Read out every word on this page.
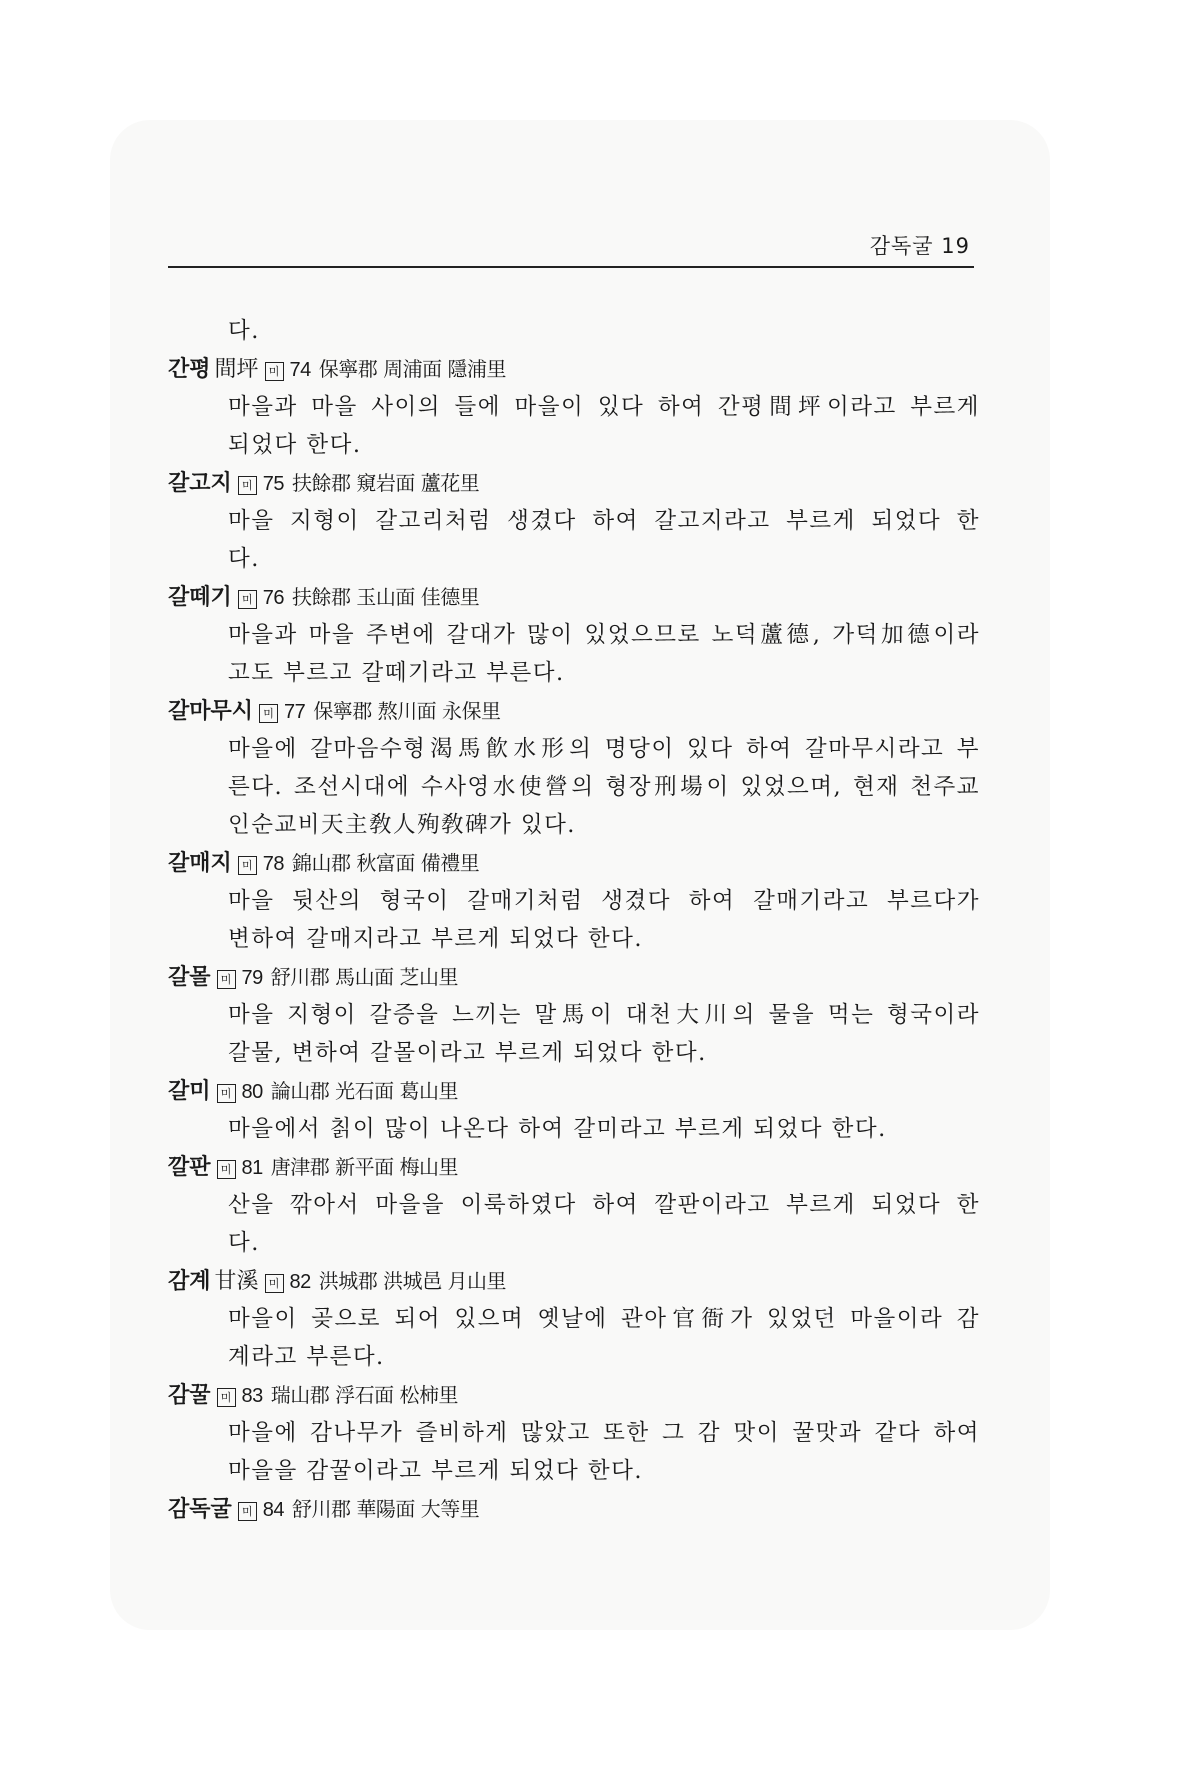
감독굴 19
다.
간평 間坪 미 74 保寧郡 周浦面 隱浦里
마을과 마을 사이의 들에 마을이 있다 하여 간평間坪이라고 부르게
되었다 한다.
갈고지 미 75 扶餘郡 窺岩面 蘆花里
마을 지형이 갈고리처럼 생겼다 하여 갈고지라고 부르게 되었다 한
다.
갈떼기 미 76 扶餘郡 玉山面 佳德里
마을과 마을 주변에 갈대가 많이 있었으므로 노덕蘆德, 가덕加德이라
고도 부르고 갈떼기라고 부른다.
갈마무시 미 77 保寧郡 熬川面 永保里
마을에 갈마음수형渴馬飮水形의 명당이 있다 하여 갈마무시라고 부
른다. 조선시대에 수사영水使營의 형장刑場이 있었으며, 현재 천주교
인순교비天主敎人殉敎碑가 있다.
갈매지 미 78 錦山郡 秋富面 備禮里
마을 뒷산의 형국이 갈매기처럼 생겼다 하여 갈매기라고 부르다가
변하여 갈매지라고 부르게 되었다 한다.
갈몰 미 79 舒川郡 馬山面 芝山里
마을 지형이 갈증을 느끼는 말馬이 대천大川의 물을 먹는 형국이라
갈물, 변하여 갈몰이라고 부르게 되었다 한다.
갈미 미 80 論山郡 光石面 葛山里
마을에서 칡이 많이 나온다 하여 갈미라고 부르게 되었다 한다.
깔판 미 81 唐津郡 新平面 梅山里
산을 깎아서 마을을 이룩하였다 하여 깔판이라고 부르게 되었다 한
다.
감계 甘溪 미 82 洪城郡 洪城邑 月山里
마을이 곶으로 되어 있으며 옛날에 관아官衙가 있었던 마을이라 감
계라고 부른다.
감꿀 미 83 瑞山郡 浮石面 松柿里
마을에 감나무가 즐비하게 많았고 또한 그 감 맛이 꿀맛과 같다 하여
마을을 감꿀이라고 부르게 되었다 한다.
감독굴 미 84 舒川郡 華陽面 大等里
